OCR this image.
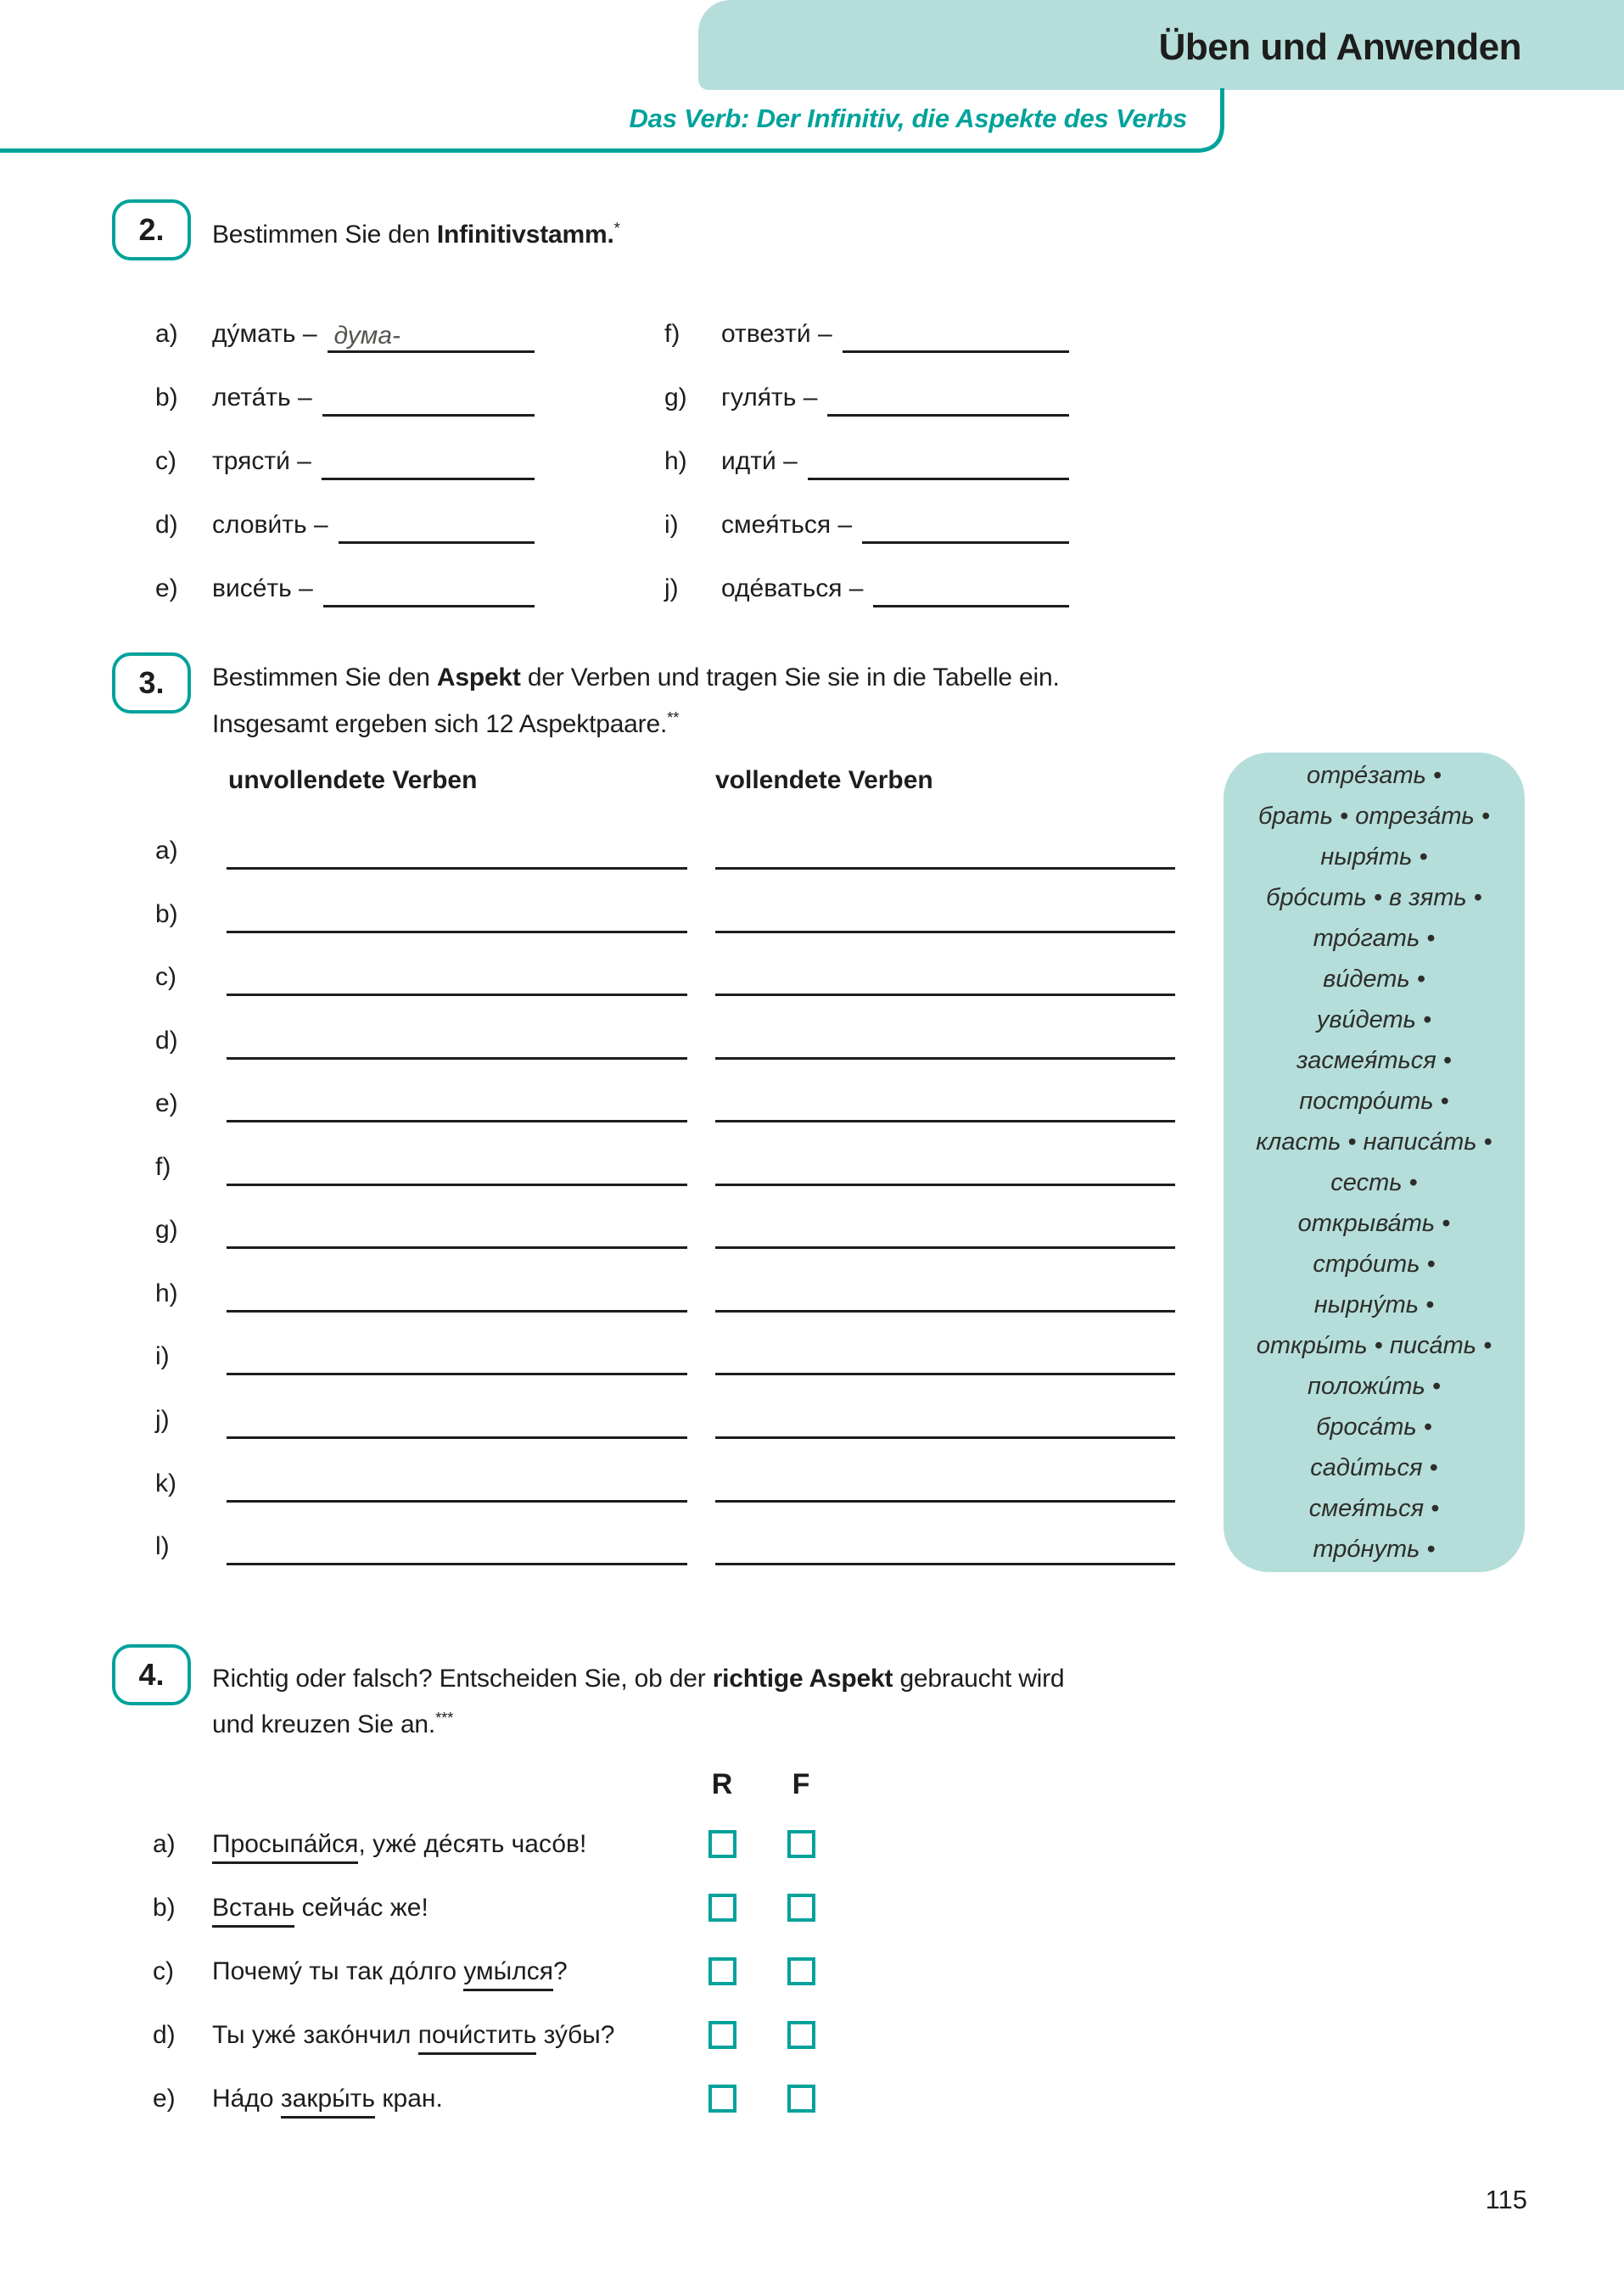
Üben und Anwenden
Das Verb: Der Infinitiv, die Aspekte des Verbs
2. Bestimmen Sie den Infinitivstamm.*
a)	ду́мать – дума-
b)	лета́ть –
c)	трясти́ –
d)	слови́ть –
e)	висе́ть –
f)	отвезти́ –
g)	гуля́ть –
h)	идти́ –
i)	смея́ться –
j)	оде́ваться –
3. Bestimmen Sie den Aspekt der Verben und tragen Sie sie in die Tabelle ein.
Insgesamt ergeben sich 12 Aspektpaare.**
unvollendete Verben	vollendete Verben
a)
b)
c)
d)
e)
f)
g)
h)
i)
j)
k)
l)
отре́зать •
брать • отреза́ть •
ныря́ть •
бро́сить • в зять •
тро́гать •
ви́деть •
уви́деть •
засмея́ться •
постро́ить •
класть • написа́ть •
сесть •
открыва́ть •
стро́ить •
нырну́ть •
откры́ть • писа́ть •
положи́ть •
броса́ть •
сади́ться •
смея́ться •
тро́нуть •
4. Richtig oder falsch? Entscheiden Sie, ob der richtige Aspekt gebraucht wird
und kreuzen Sie an.***
R F
a)	Просыпа́йся, уже́ де́сять часо́в!
b)	Встань сейча́с же!
c)	Почему́ ты так до́лго умы́лся?
d)	Ты уже́ зако́нчил почи́стить зу́бы?
e)	На́до закры́ть кран.
115
